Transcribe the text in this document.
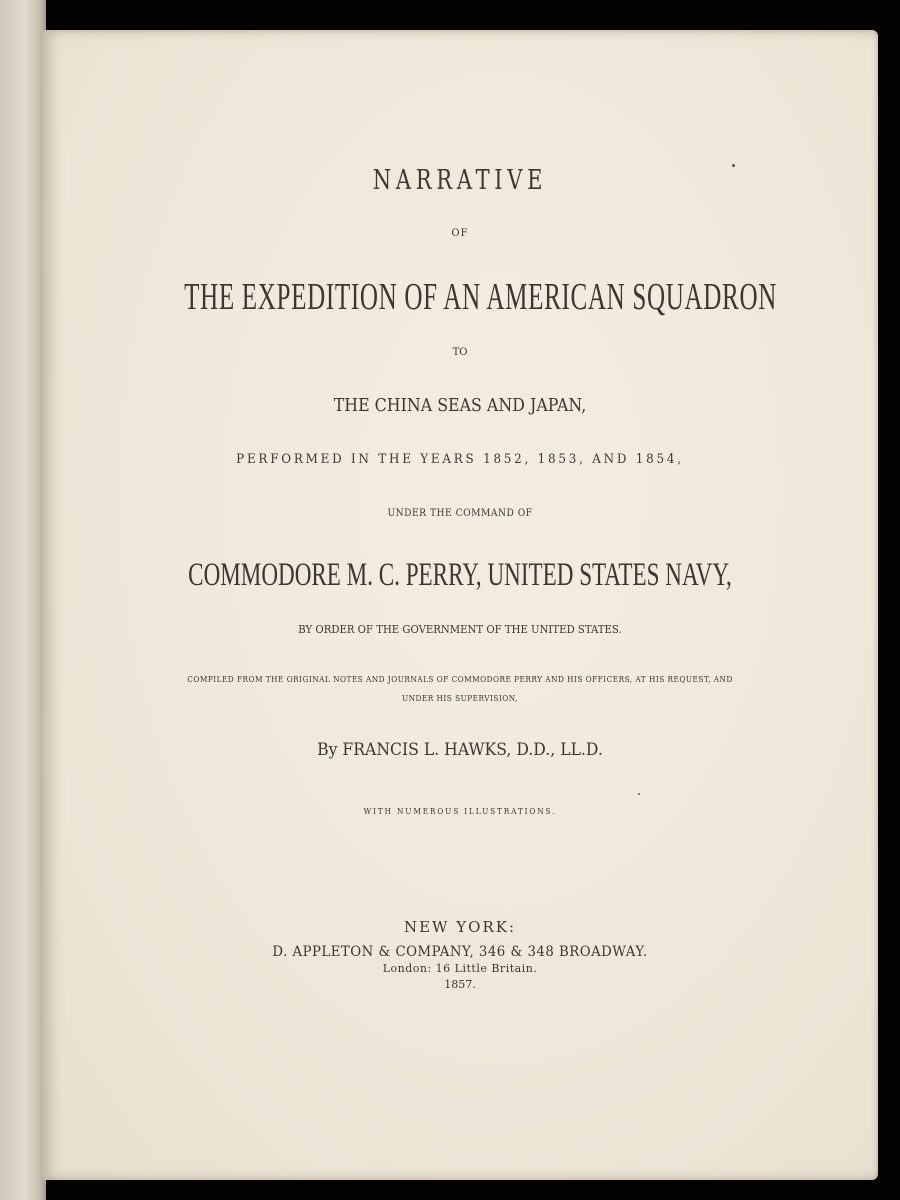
NARRATIVE
OF
THE EXPEDITION OF AN AMERICAN SQUADRON
TO
THE CHINA SEAS AND JAPAN,
PERFORMED IN THE YEARS 1852, 1853, AND 1854,
UNDER THE COMMAND OF
COMMODORE M. C. PERRY, UNITED STATES NAVY,
BY ORDER OF THE GOVERNMENT OF THE UNITED STATES.
COMPILED FROM THE ORIGINAL NOTES AND JOURNALS OF COMMODORE PERRY AND HIS OFFICERS, AT HIS REQUEST, AND
UNDER HIS SUPERVISION,
By FRANCIS L. HAWKS, D.D., LL.D.
WITH NUMEROUS ILLUSTRATIONS.
NEW YORK:
D. APPLETON & COMPANY, 346 & 348 BROADWAY.
London: 16 Little Britain.
1857.
